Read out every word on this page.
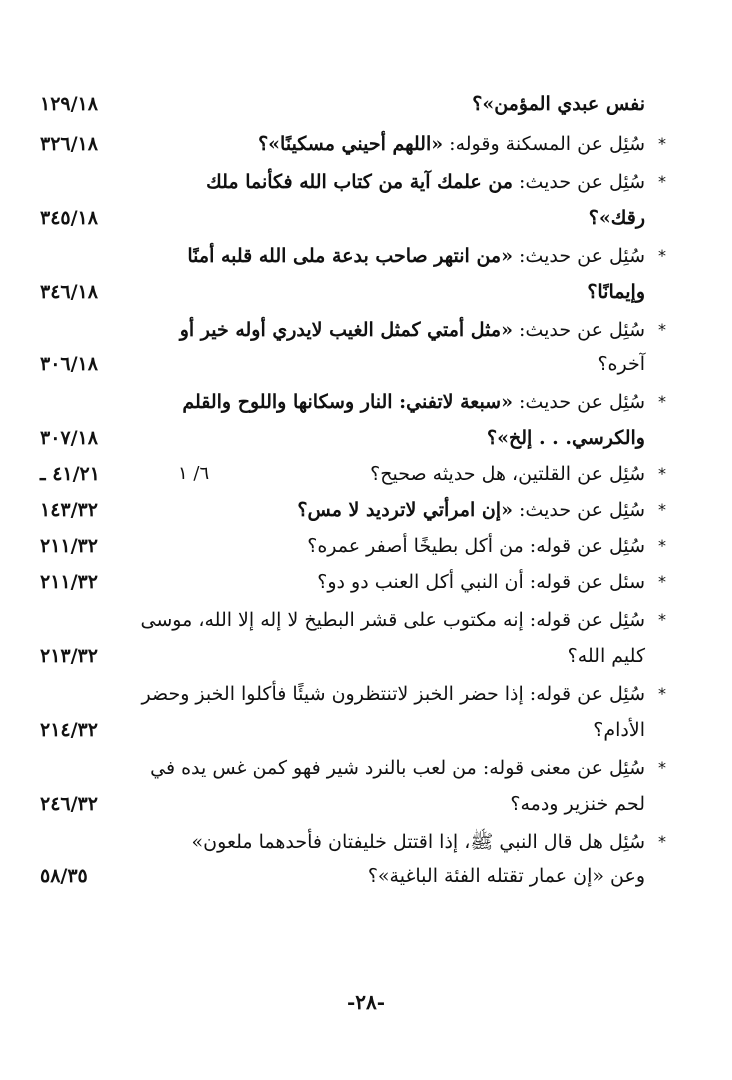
نفس عبدي المؤمن»؟
١٢٩/١٨
*
سُئِل عن المسكنة وقوله: «اللهم أحيني مسكينًا»؟
٣٢٦/١٨
*
سُئِل عن حديث: من علمك آية من كتاب الله فكأنما ملك
رقك»؟
٣٤٥/١٨
*
سُئِل عن حديث: «من انتهر صاحب بدعة ملى الله قلبه أمنًا
وإيمانًا؟
٣٤٦/١٨
*
سُئِل عن حديث: «مثل أمتي كمثل الغيب لايدري أوله خير أو
آخره؟
٣٠٦/١٨
*
سُئِل عن حديث: «سبعة لاتفني: النار وسكانها واللوح والقلم
والكرسي. . . إلخ»؟
٣٠٧/١٨
*
سُئِل عن القلتين، هل حديثه صحيح؟
٦/ ١
٤١/٢١ ـ
*
سُئِل عن حديث: «إن امرأتي لاترديد لا مس؟
١٤٣/٣٢
*
سُئِل عن قوله: من أكل بطيخًا أصفر عمره؟
٢١١/٣٢
*
سئل عن قوله: أن النبي أكل العنب دو دو؟
٢١١/٣٢
*
سُئِل عن قوله: إنه مكتوب على قشر البطيخ لا إله إلا الله، موسى
كليم الله؟
٢١٣/٣٢
*
سُئِل عن قوله: إذا حضر الخبز لاتنتظرون شيئًا فأكلوا الخبز وحضر
الأدام؟
٢١٤/٣٢
*
سُئِل عن معنى قوله: من لعب بالنرد شير فهو كمن غس يده في
لحم خنزير ودمه؟
٢٤٦/٣٢
*
سُئِل هل قال النبي ﷺ، إذا اقتتل خليفتان فأحدهما ملعون»
وعن «إن عمار تقتله الفئة الباغية»؟
٥٨/٣٥
-٢٨-
